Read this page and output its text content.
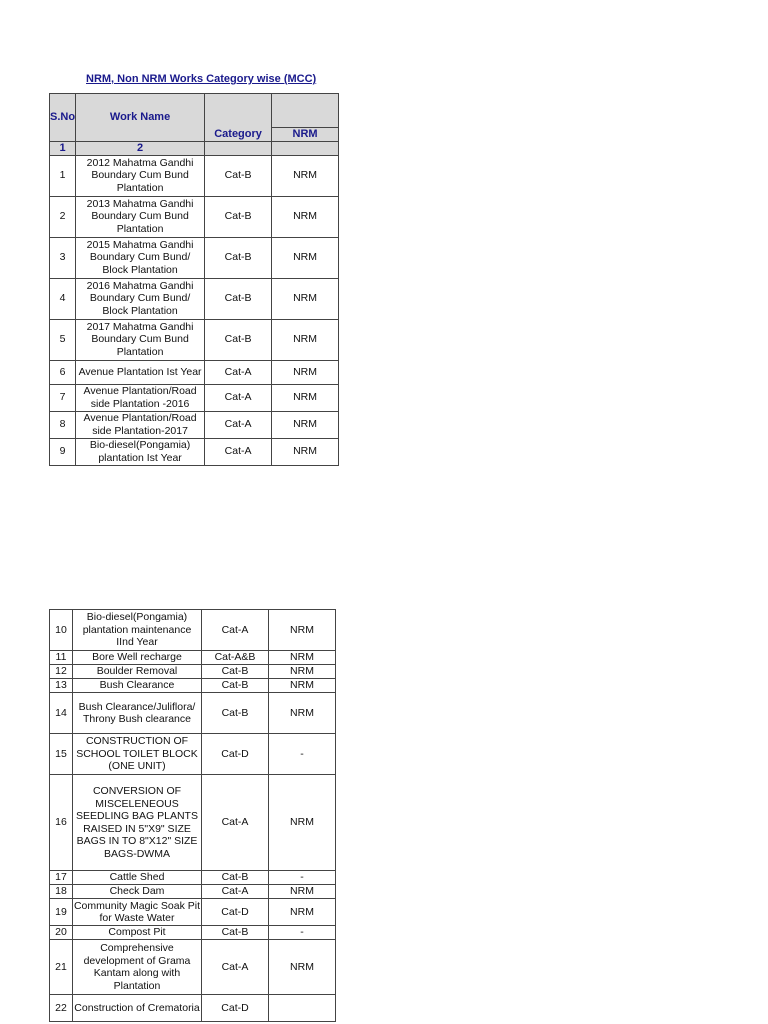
NRM, Non NRM Works Category wise (MCC)
S.No	Work Name		
		Category	NRM
1	2		
1	2012 Mahatma Gandhi Boundary Cum Bund Plantation	Cat-B	NRM
2	2013 Mahatma Gandhi Boundary Cum Bund Plantation	Cat-B	NRM
3	2015 Mahatma Gandhi Boundary Cum Bund/ Block Plantation	Cat-B	NRM
4	2016 Mahatma Gandhi Boundary Cum Bund/ Block Plantation	Cat-B	NRM
5	2017 Mahatma Gandhi Boundary Cum Bund Plantation	Cat-B	NRM
6	Avenue Plantation Ist Year	Cat-A	NRM
7	Avenue Plantation/Road side Plantation -2016	Cat-A	NRM
8	Avenue Plantation/Road side Plantation-2017	Cat-A	NRM
9	Bio-diesel(Pongamia) plantation Ist Year	Cat-A	NRM
10	Bio-diesel(Pongamia) plantation maintenance IInd Year	Cat-A	NRM
11	Bore Well recharge	Cat-A&B	NRM
12	Boulder Removal	Cat-B	NRM
13	Bush Clearance	Cat-B	NRM
14	Bush Clearance/Juliflora/ Throny Bush clearance	Cat-B	NRM
15	CONSTRUCTION OF SCHOOL TOILET BLOCK (ONE UNIT)	Cat-D	-
16	CONVERSION OF MISCELENEOUS SEEDLING BAG PLANTS RAISED IN 5"X9" SIZE BAGS IN TO 8"X12" SIZE BAGS-DWMA	Cat-A	NRM
17	Cattle Shed	Cat-B	-
18	Check Dam	Cat-A	NRM
19	Community Magic Soak Pit for Waste Water	Cat-D	NRM
20	Compost Pit	Cat-B	-
21	Comprehensive development of Grama Kantam along with Plantation	Cat-A	NRM
22	Construction of Crematoria	Cat-D	
